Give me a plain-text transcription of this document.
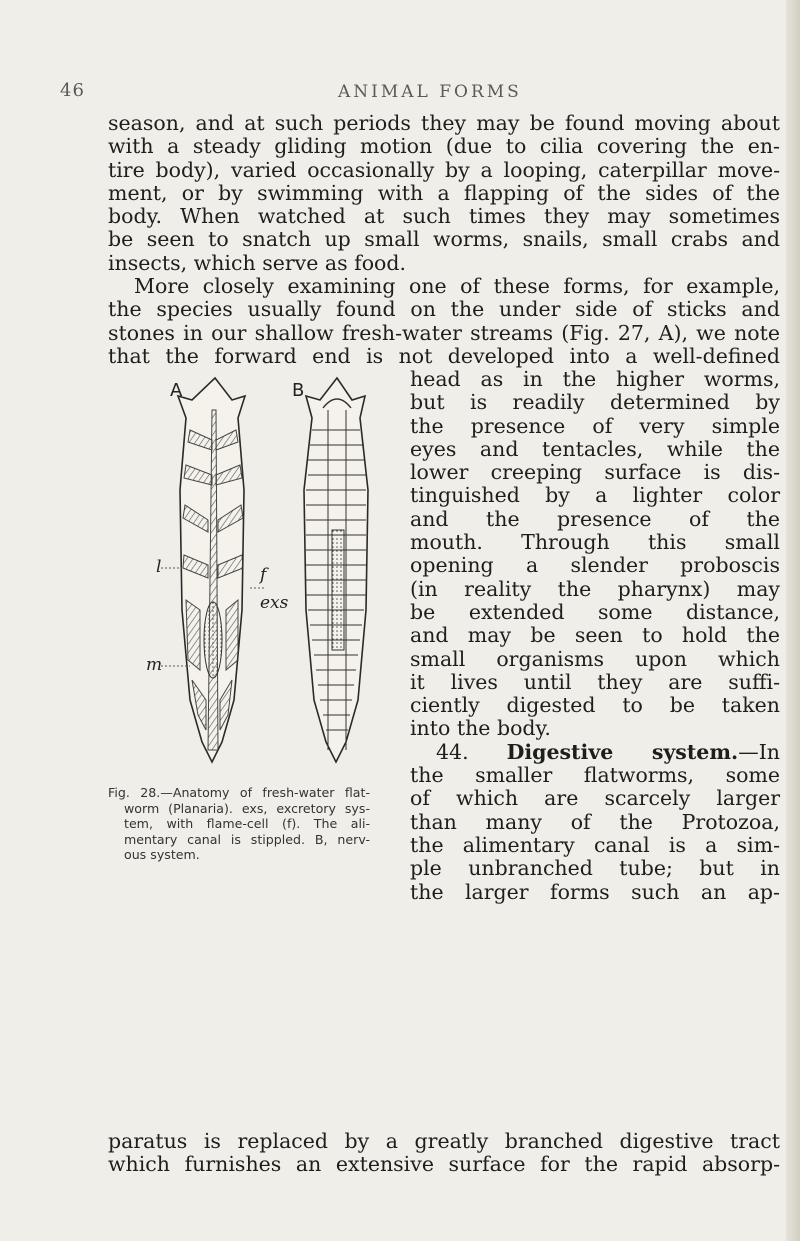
46	ANIMAL FORMS
season, and at such periods they may be found moving about
with a steady gliding motion (due to cilia covering the en-
tire body), varied occasionally by a looping, caterpillar move-
ment, or by swimming with a flapping of the sides of the
body. When watched at such times they may sometimes
be seen to snatch up small worms, snails, small crabs and
insects, which serve as food.
More closely examining one of these forms, for example,
the species usually found on the under side of sticks and
stones in our shallow fresh-water streams (Fig. 27, A), we note
that the forward end is not developed into a well-defined
A	B
f
exs
l
m
head as in the higher worms,
but is readily determined by
the presence of very simple
eyes and tentacles, while the
lower creeping surface is dis-
tinguished by a lighter color
and the presence of the
mouth. Through this small
opening a slender proboscis
(in reality the pharynx) may
be extended some distance,
and may be seen to hold the
small organisms upon which
it lives until they are suffi-
ciently digested to be taken
into the body.
44. Digestive system.—In
the smaller flatworms, some
of which are scarcely larger
than many of the Protozoa,
the alimentary canal is a sim-
ple unbranched tube; but in
the larger forms such an ap-
Fig. 28.—Anatomy of fresh-water flat-
worm (Planaria). exs, excretory sys-
tem, with flame-cell (f). The ali-
mentary canal is stippled. B, nerv-
ous system.
paratus is replaced by a greatly branched digestive tract
which furnishes an extensive surface for the rapid absorp-
